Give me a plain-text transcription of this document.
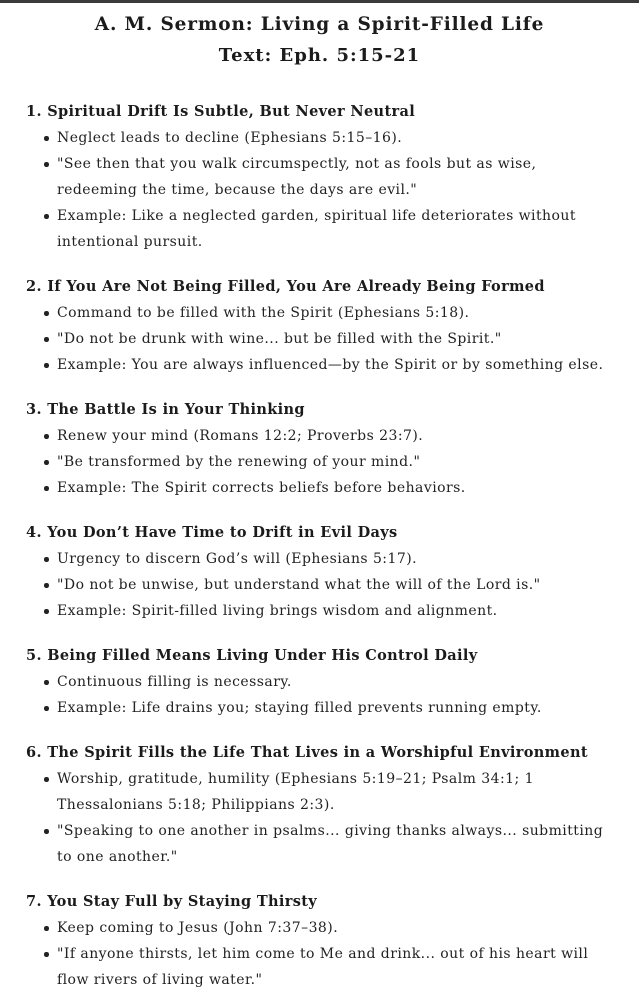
A. M. Sermon: Living a Spirit-Filled Life
Text: Eph. 5:15-21
1. Spiritual Drift Is Subtle, But Never Neutral
Neglect leads to decline (Ephesians 5:15–16).
"See then that you walk circumspectly, not as fools but as wise, redeeming the time, because the days are evil."
Example: Like a neglected garden, spiritual life deteriorates without intentional pursuit.
2. If You Are Not Being Filled, You Are Already Being Formed
Command to be filled with the Spirit (Ephesians 5:18).
"Do not be drunk with wine... but be filled with the Spirit."
Example: You are always influenced—by the Spirit or by something else.
3. The Battle Is in Your Thinking
Renew your mind (Romans 12:2; Proverbs 23:7).
"Be transformed by the renewing of your mind."
Example: The Spirit corrects beliefs before behaviors.
4. You Don’t Have Time to Drift in Evil Days
Urgency to discern God’s will (Ephesians 5:17).
"Do not be unwise, but understand what the will of the Lord is."
Example: Spirit-filled living brings wisdom and alignment.
5. Being Filled Means Living Under His Control Daily
Continuous filling is necessary.
Example: Life drains you; staying filled prevents running empty.
6. The Spirit Fills the Life That Lives in a Worshipful Environment
Worship, gratitude, humility (Ephesians 5:19–21; Psalm 34:1; 1 Thessalonians 5:18; Philippians 2:3).
"Speaking to one another in psalms... giving thanks always... submitting to one another."
7. You Stay Full by Staying Thirsty
Keep coming to Jesus (John 7:37–38).
"If anyone thirsts, let him come to Me and drink... out of his heart will flow rivers of living water."
